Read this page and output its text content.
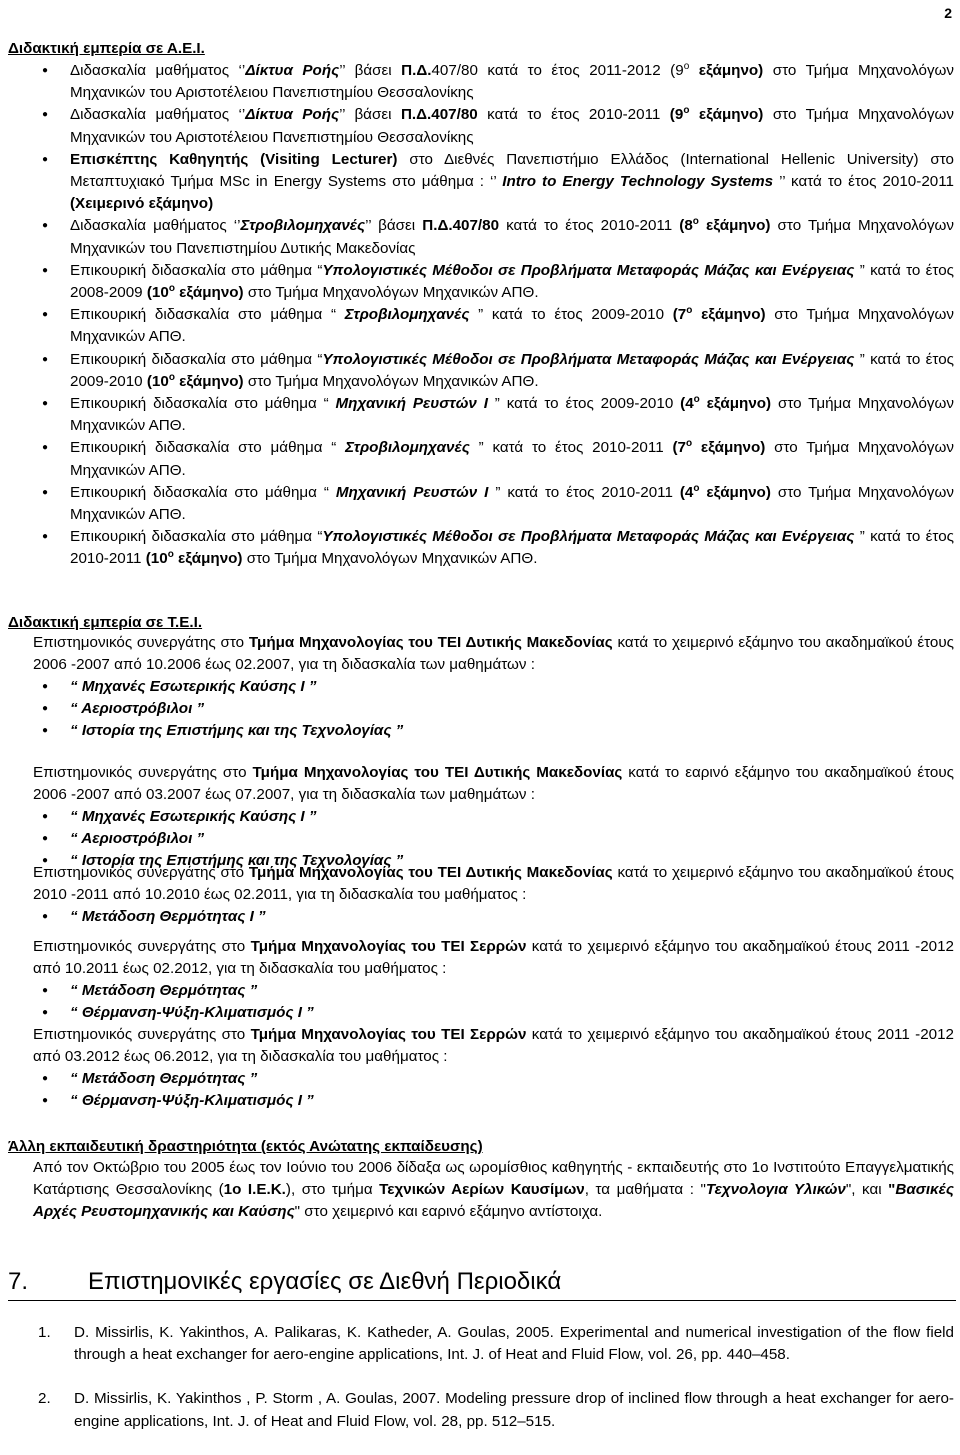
2
Διδακτική εμπερία σε Α.Ε.Ι.
● Διδασκαλία μαθήματος ‘’Δίκτυα Ροής’’ βάσει Π.Δ.407/80 κατά το έτος 2011-2012 ($9^o$ εξάμηνο) στο Τμήμα Μηχανολόγων Μηχανικών του Αριστοτέλειου Πανεπιστημίου Θεσσαλονίκης
● Διδασκαλία μαθήματος ‘’Δίκτυα Ροής’’ βάσει Π.Δ.407/80 κατά το έτος 2010-2011 ($9^o$ εξάμηνο) στο Τμήμα Μηχανολόγων Μηχανικών του Αριστοτέλειου Πανεπιστημίου Θεσσαλονίκης
● Επισκέπτης Καθηγητής (Visiting Lecturer) στο Διεθνές Πανεπιστήμιο Ελλάδος (International Hellenic University) στο Μεταπτυχιακό Τμήμα MSc in Energy Systems στο μάθημα : ‘’ Intro to Energy Technology Systems ’’ κατά το έτος 2010-2011 (Χειμερινό εξάμηνο)
● Διδασκαλία μαθήματος ‘’Στροβιλομηχανές’’ βάσει Π.Δ.407/80 κατά το έτος 2010-2011 ($8^o$ εξάμηνο) στο Τμήμα Μηχανολόγων Μηχανικών του Πανεπιστημίου Δυτικής Μακεδονίας
● Επικουρική διδασκαλία στο μάθημα “Υπολογιστικές Μέθοδοι σε Προβλήματα Μεταφοράς Μάζας και Ενέργειας ” κατά το έτος 2008-2009 ($10^o$ εξάμηνο) στο Τμήμα Μηχανολόγων Μηχανικών ΑΠΘ.
● Επικουρική διδασκαλία στο μάθημα “ Στροβιλομηχανές ” κατά το έτος 2009-2010 ($7^o$ εξάμηνο) στο Τμήμα Μηχανολόγων Μηχανικών ΑΠΘ.
● Επικουρική διδασκαλία στο μάθημα “Υπολογιστικές Μέθοδοι σε Προβλήματα Μεταφοράς Μάζας και Ενέργειας ” κατά το έτος 2009-2010 ($10^o$ εξάμηνο) στο Τμήμα Μηχανολόγων Μηχανικών ΑΠΘ.
● Επικουρική διδασκαλία στο μάθημα “ Μηχανική Ρευστών Ι ” κατά το έτος 2009-2010 ($4^o$ εξάμηνο) στο Τμήμα Μηχανολόγων Μηχανικών ΑΠΘ.
● Επικουρική διδασκαλία στο μάθημα “ Στροβιλομηχανές ” κατά το έτος 2010-2011 ($7^o$ εξάμηνο) στο Τμήμα Μηχανολόγων Μηχανικών ΑΠΘ.
● Επικουρική διδασκαλία στο μάθημα “ Μηχανική Ρευστών Ι ” κατά το έτος 2010-2011 ($4^o$ εξάμηνο) στο Τμήμα Μηχανολόγων Μηχανικών ΑΠΘ.
● Επικουρική διδασκαλία στο μάθημα “Υπολογιστικές Μέθοδοι σε Προβλήματα Μεταφοράς Μάζας και Ενέργειας ” κατά το έτος 2010-2011 ($10^o$ εξάμηνο) στο Τμήμα Μηχανολόγων Μηχανικών ΑΠΘ.
Διδακτική εμπερία σε Τ.Ε.Ι.
Επιστημονικός συνεργάτης στο Τμήμα Μηχανολογίας του ΤΕΙ Δυτικής Μακεδονίας κατά το χειμερινό εξάμηνο του ακαδημαϊκού έτους 2006 -2007 από 10.2006 έως 02.2007, για τη διδασκαλία των μαθημάτων :
● “ Μηχανές Εσωτερικής Καύσης Ι ”
● “ Αεριοστρόβιλοι ”
● “ Ιστορία της Επιστήμης και της Τεχνολογίας ”
Επιστημονικός συνεργάτης στο Τμήμα Μηχανολογίας του ΤΕΙ Δυτικής Μακεδονίας κατά το εαρινό εξάμηνο του ακαδημαϊκού έτους 2006 -2007 από 03.2007 έως 07.2007, για τη διδασκαλία των μαθημάτων :
● “ Μηχανές Εσωτερικής Καύσης Ι ”
● “ Αεριοστρόβιλοι ”
● “ Ιστορία της Επιστήμης και της Τεχνολογίας ”
Επιστημονικός συνεργάτης στο Τμήμα Μηχανολογίας του ΤΕΙ Δυτικής Μακεδονίας κατά το χειμερινό εξάμηνο του ακαδημαϊκού έτους 2010 -2011 από 10.2010 έως 02.2011, για τη διδασκαλία του μαθήματος :
● “ Μετάδοση Θερμότητας Ι ”
Επιστημονικός συνεργάτης στο Τμήμα Μηχανολογίας του ΤΕΙ Σερρών κατά το χειμερινό εξάμηνο του ακαδημαϊκού έτους 2011 -2012 από 10.2011 έως 02.2012, για τη διδασκαλία του μαθήματος :
● “ Μετάδοση Θερμότητας ”
● “ Θέρμανση-Ψύξη-Κλιματισμός Ι ”
Επιστημονικός συνεργάτης στο Τμήμα Μηχανολογίας του ΤΕΙ Σερρών κατά το χειμερινό εξάμηνο του ακαδημαϊκού έτους 2011 -2012 από 03.2012 έως 06.2012, για τη διδασκαλία του μαθήματος :
● “ Μετάδοση Θερμότητας ”
● “ Θέρμανση-Ψύξη-Κλιματισμός Ι ”
Άλλη εκπαιδευτική δραστηριότητα (εκτός Ανώτατης εκπαίδευσης)
Από τον Οκτώβριο του 2005 έως τον Ιούνιο του 2006 δίδαξα ως ωρομίσθιος καθηγητής - εκπαιδευτής στο 1ο Ινστιτούτο Επαγγελματικής Κατάρτισης Θεσσαλονίκης (1ο Ι.Ε.Κ.), στο τμήμα Τεχνικών Αερίων Καυσίμων, τα μαθήματα : "Τεχνολογια Υλικών", και "Βασικές Αρχές Ρευστομηχανικής και Καύσης" στο χειμερινό και εαρινό εξάμηνο αντίστοιχα.
7. Επιστημονικές εργασίες σε Διεθνή Περιοδικά
1. D. Missirlis, K. Yakinthos, A. Palikaras, K. Katheder, A. Goulas, 2005. Experimental and numerical investigation of the flow field through a heat exchanger for aero-engine applications, Int. J. of Heat and Fluid Flow, vol. 26, pp. 440–458.
2. D. Missirlis, K. Yakinthos , P. Storm , A. Goulas, 2007. Modeling pressure drop of inclined flow through a heat exchanger for aero-engine applications, Int. J. of Heat and Fluid Flow, vol. 28, pp. 512–515.
